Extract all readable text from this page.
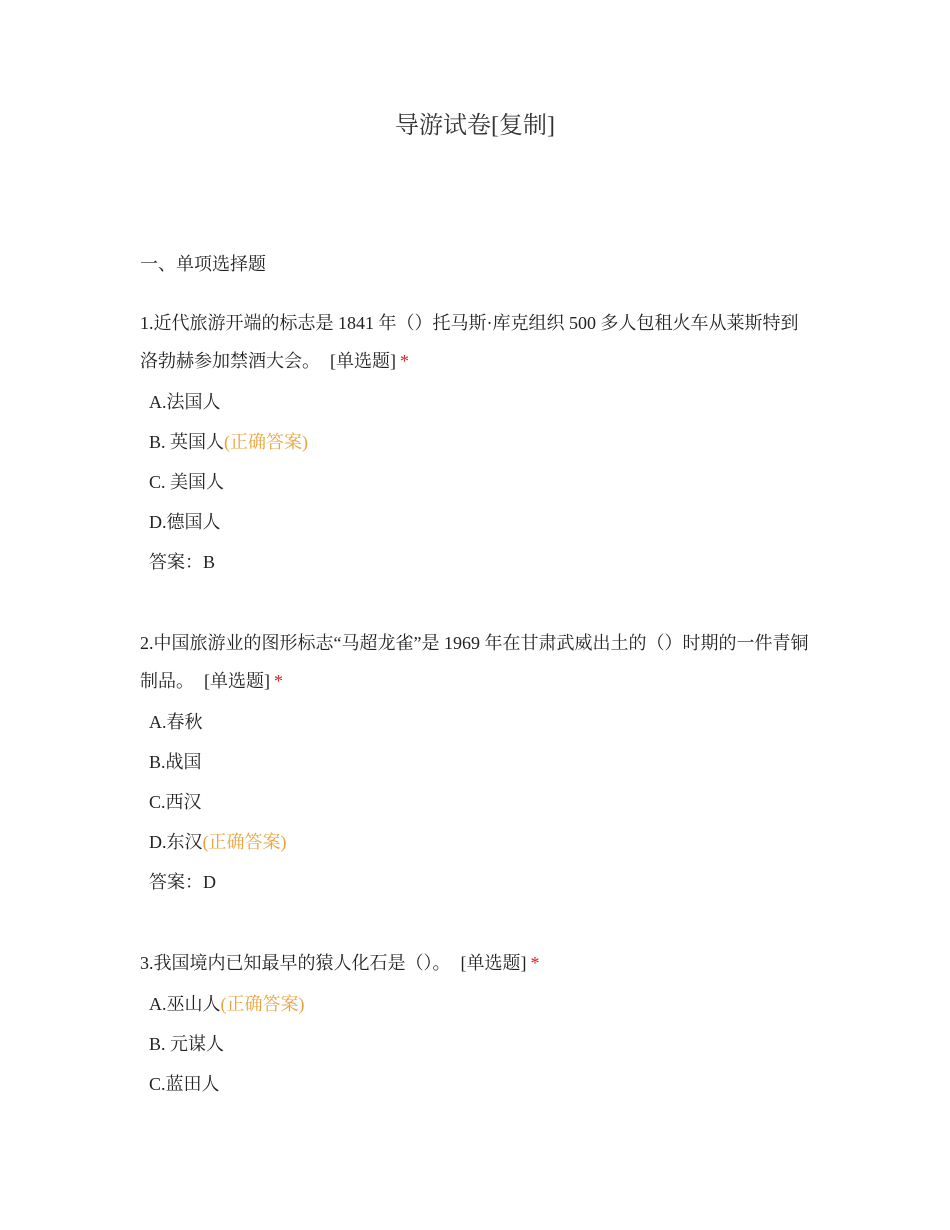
导游试卷[复制]
一、单项选择题

1.近代旅游开端的标志是 1841 年（）托马斯·库克组织 500 多人包租火车从莱斯特到洛勃赫参加禁酒大会。 [单选题] *

A.法国人
B. 英国人(正确答案)
C. 美国人
D.德国人
答案：B

2.中国旅游业的图形标志“马超龙雀”是 1969 年在甘肃武威出土的（）时期的一件青铜制品。 [单选题] *

A.春秋
B.战国
C.西汉
D.东汉(正确答案)
答案：D

3.我国境内已知最早的猿人化石是（）。 [单选题] *

A.巫山人(正确答案)
B. 元谋人
C.蓝田人
